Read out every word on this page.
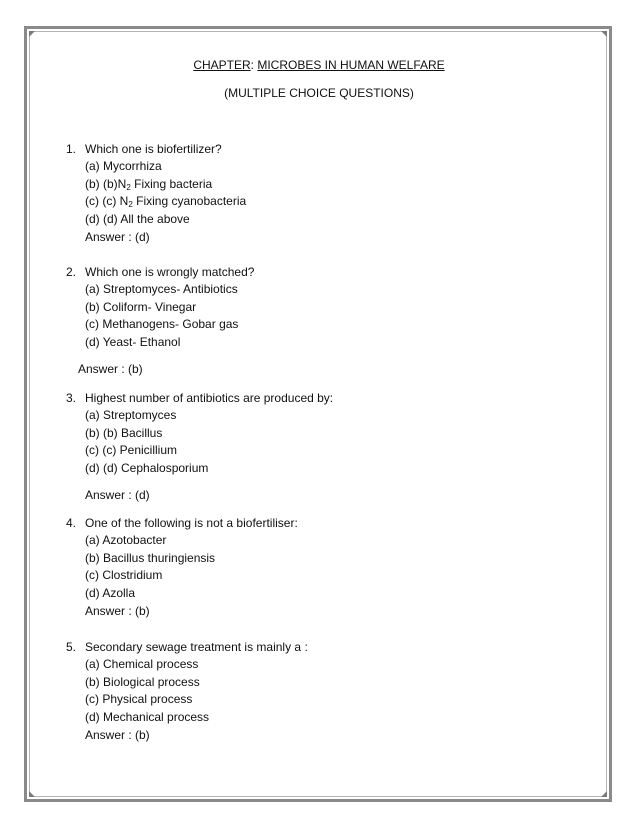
CHAPTER: MICROBES IN HUMAN WELFARE
(MULTIPLE CHOICE QUESTIONS)
1. Which one is biofertilizer?
(a) Mycorrhiza
(b) $(b)N_2$ Fixing bacteria
(c) (c) $N_2$ Fixing cyanobacteria
(d) (d) All the above
Answer : (d)
2. Which one is wrongly matched?
(a) Streptomyces- Antibiotics
(b) Coliform- Vinegar
(c) Methanogens- Gobar gas
(d) Yeast- Ethanol
Answer : (b)
3. Highest number of antibiotics are produced by:
(a) Streptomyces
(b) (b) Bacillus
(c) (c) Penicillium
(d) (d) Cephalosporium
Answer : (d)
4. One of the following is not a biofertiliser:
(a) Azotobacter
(b) Bacillus thuringiensis
(c) Clostridium
(d) Azolla
Answer : (b)
5. Secondary sewage treatment is mainly a :
(a) Chemical process
(b) Biological process
(c) Physical process
(d) Mechanical process
Answer : (b)
